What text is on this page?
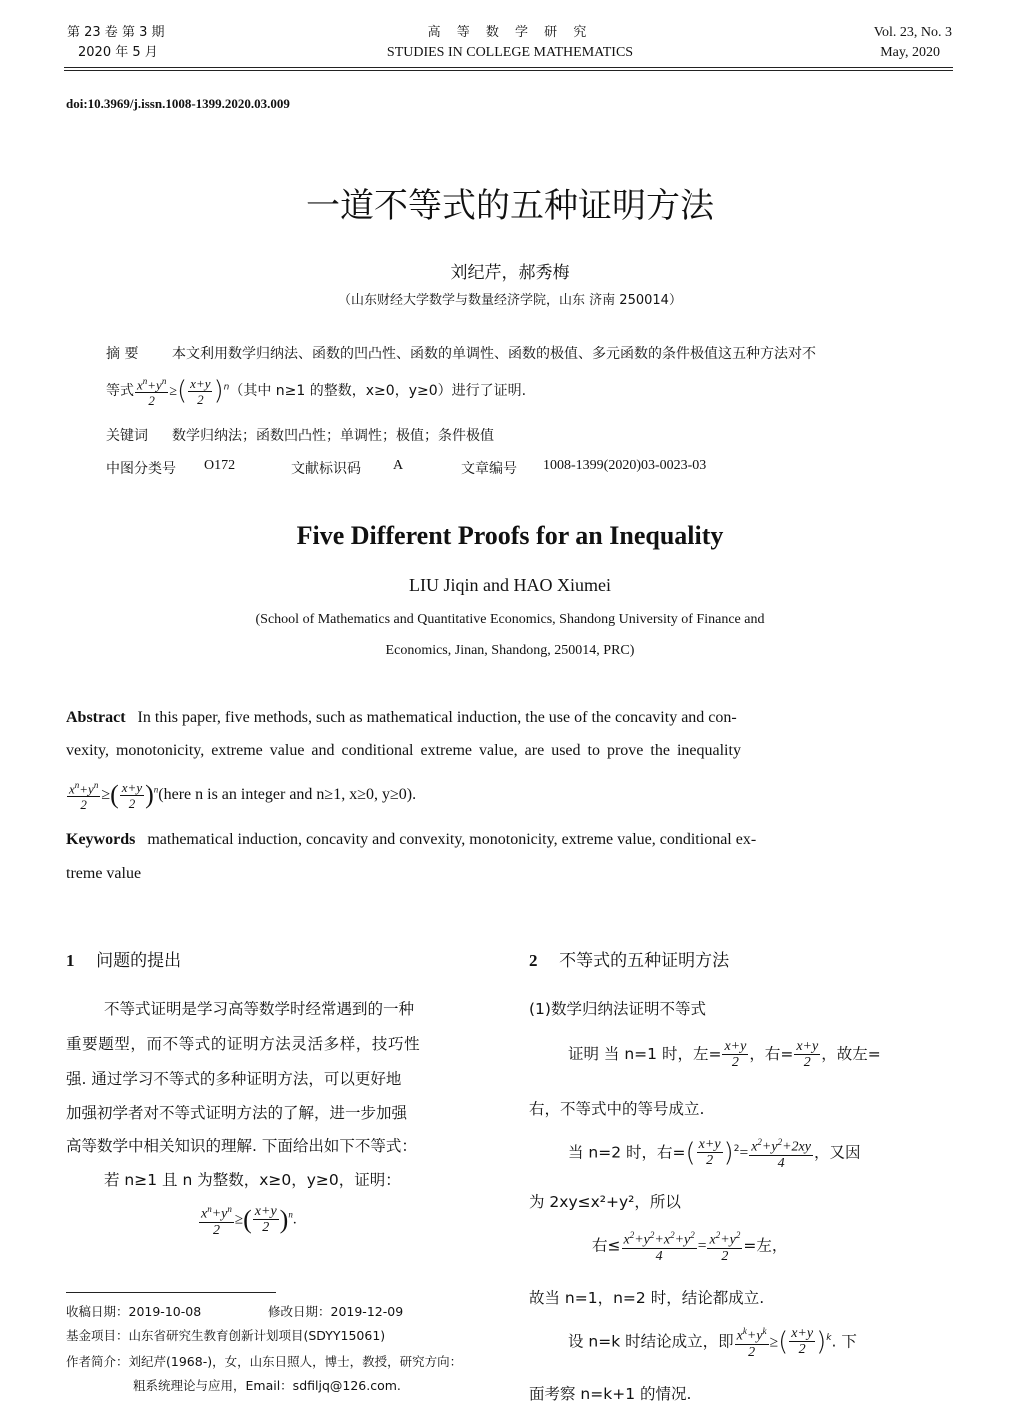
第 23 卷 第 3 期
2020 年 5 月
高 等 数 学 研 究
STUDIES IN COLLEGE MATHEMATICS
Vol. 23, No. 3
May, 2020
doi:10.3969/j.issn.1008-1399.2020.03.009
一道不等式的五种证明方法
刘纪芹，郝秀梅
（山东财经大学数学与数量经济学院，山东 济南 250014）
摘 要 本文利用数学归纳法、函数的凹凸性、函数的单调性、函数的极值、多元函数的条件极值这五种方法对不
等式 $\frac{x^n+y^n}{2}$ ≥( $\frac{x+y}{2} )^n$（其中 n≥1 的整数，x≥0，y≥0）进行了证明.
关键词 数学归纳法；函数凹凸性；单调性；极值；条件极值
中图分类号 O172	文献标识码 A	文章编号 1008-1399(2020)03-0023-03
Five Different Proofs for an Inequality
LIU Jiqin and HAO Xiumei
(School of Mathematics and Quantitative Economics, Shandong University of Finance and
Economics, Jinan, Shandong, 250014, PRC)
Abstract In this paper, five methods, such as mathematical induction, the use of the concavity and con-
vexity, monotonicity, extreme value and conditional extreme value, are used to prove the inequality
$\frac{x^n+y^n}{2}$ ≥( $\frac{x+y}{2}$ )$^n$(here n is an integer and n≥1, x≥0, y≥0).
Keywords mathematical induction, concavity and convexity, monotonicity, extreme value, conditional ex-
treme value
1 问题的提出
不等式证明是学习高等数学时经常遇到的一种
重要题型，而不等式的证明方法灵活多样，技巧性
强. 通过学习不等式的多种证明方法，可以更好地
加强初学者对不等式证明方法的了解，进一步加强
高等数学中相关知识的理解. 下面给出如下不等式：
若 n≥1 且 n 为整数，x≥0，y≥0，证明：
$\frac{x^n+y^n}{2}$ ≥( $\frac{x+y}{2} )^n$.
收稿日期：2019-10-08	修改日期：2019-12-09
基金项目：山东省研究生教育创新计划项目(SDYY15061)
作者简介：刘纪芹(1968-)，女，山东日照人，博士，教授，研究方向：
粗系统理论与应用，Email：sdfiljq@126.com.
2 不等式的五种证明方法
(1)数学归纳法证明不等式
证明 当 n=1 时，左= $\frac{x+y}{2}$ ，右= $\frac{x+y}{2}$ ，故左=
右，不等式中的等号成立.
当 n=2 时，右=( $\frac{x+y}{2} )^2= \frac{x^2+y^2+2xy}{4}$ ，又因
为 2xy≤x²+y²，所以
右≤ $\frac{x^2+y^2+x^2+y^2}{4} = \frac{x^2+y^2}{2}$ =左，
故当 n=1，n=2 时，结论都成立.
设 n=k 时结论成立，即 $\frac{x^k+y^k}{2}$ ≥( $\frac{x+y}{2} )^k$. 下
面考察 n=k+1 的情况.
